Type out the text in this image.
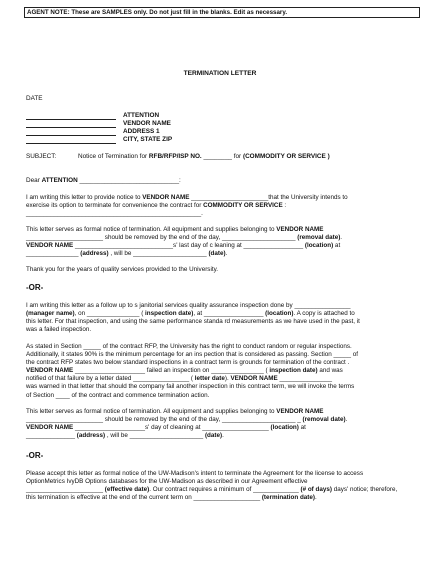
AGENT NOTE: These are SAMPLES only. Do not just fill in the blanks. Edit as necessary.
TERMINATION LETTER
DATE
ATTENTION
VENDOR NAME
ADDRESS 1
CITY, STATE ZIP
SUBJECT:	Notice of Termination for RFB/RFP/ISP NO. ________ for (COMMODITY OR SERVICE )
Dear ATTENTION ____________________________:
I am writing this letter to provide notice to VENDOR NAME ______________________that the University intends to
exercise its option to terminate for convenience the contract for COMMODITY OR SERVICE :
__________________________________________________.
This letter serves as formal notice of termination. All equipment and supplies belonging to VENDOR NAME
______________________ should be removed by the end of the day, _____________________ (removal date).
VENDOR NAME ____________________________s' last day of c leaning at _________________ (location) at
_______________ (address) , will be _____________________ (date).
Thank you for the years of quality services provided to the University.
-OR-
I am writing this letter as a follow up to s janitorial services quality assurance inspection done by ________________
(manager name), on _______________ ( inspection date), at _________________ (location). A copy is attached to
this letter. For that inspection, and using the same performance standa rd measurements as we have used in the past, it
was a failed inspection.
As stated in Section _____ of the contract RFP, the University has the right to conduct random or regular inspections.
Additionally, it states 90% is the minimum percentage for an ins pection that is considered as passing. Section _____ of
the contract RFP states two below standard inspections in a contract term is grounds for termination of the contract .
VENDOR NAME ____________________ failed an inspection on _______________ ( inspection date) and was
notified of that failure by a letter dated ________________ ( letter date). VENDOR NAME _______________
was warned in that letter that should the company fail another inspection in this contract term, we will invoke the terms
of Section ____ of the contract and commence termination action.
This letter serves as formal notice of termination. All equipment and supplies belonging to VENDOR NAME
______________________ should be removed by the end of the day, _____________________ _ (removal date).
VENDOR NAME ____________________s' day of cleaning at ___________________ (location) at
______________ (address) , will be _____________________ (date).
-OR-
Please accept this letter as formal notice of the UW-Madison's intent to terminate the Agreement for the license to access
OptionMetrics IvyDB Options databases for the UW-Madison as described in our Agreement effective
______________________ (effective date). Our contract requires a minimum of _____________ (# of days) days' notice; therefore,
this termination is effective at the end of the current term on ___________________ (termination date).
